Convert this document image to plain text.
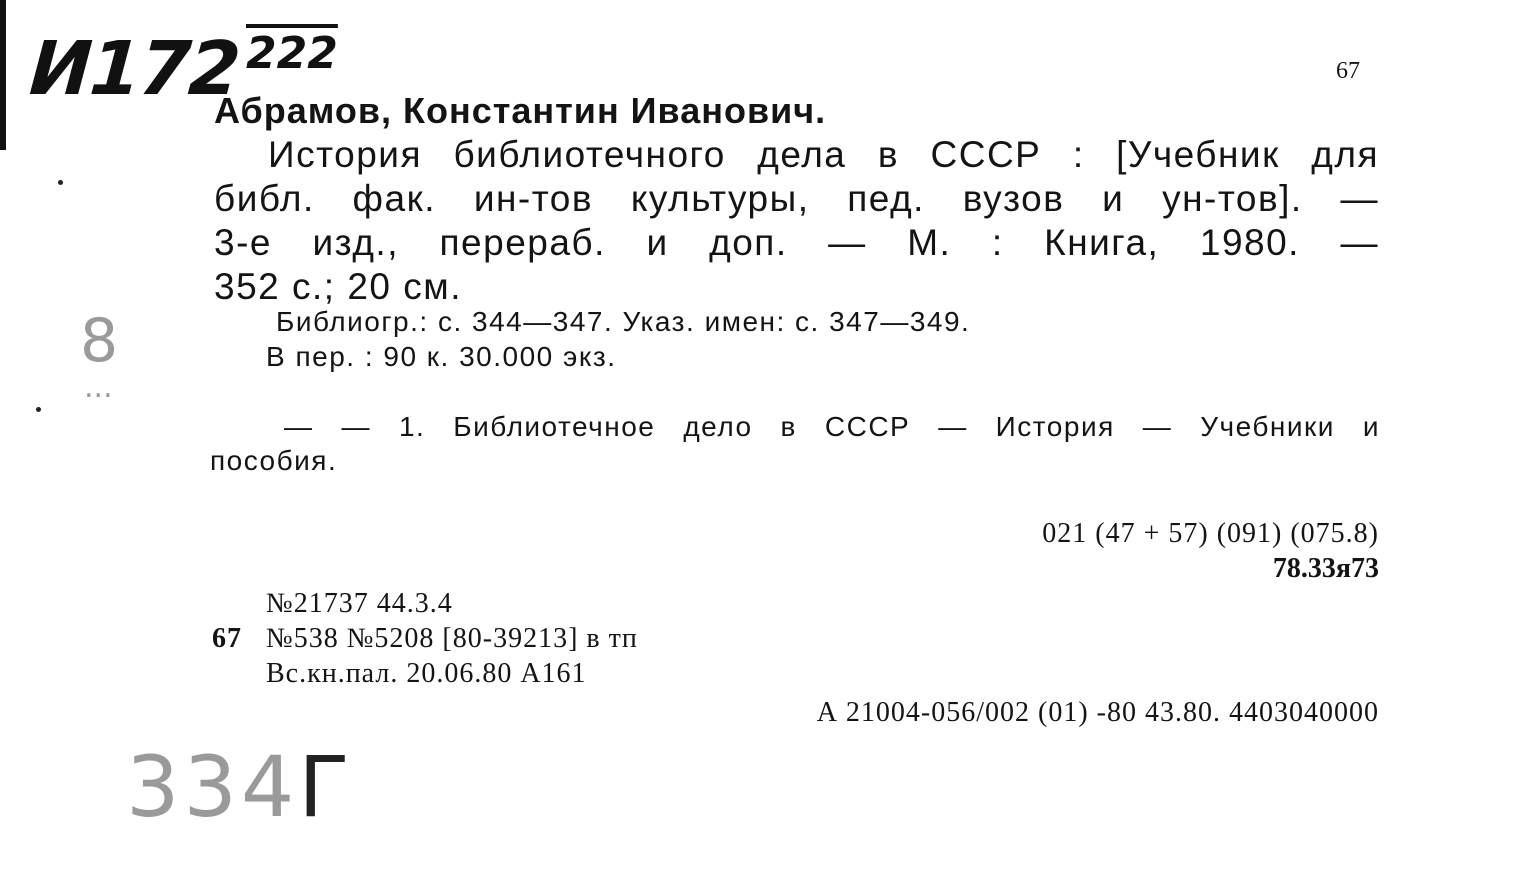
И172 222	67
Абрамов, Константин Иванович.
История библиотечного дела в СССР : [Учебник для
библ. фак. ин-тов культуры, пед. вузов и ун-тов]. —
3-е изд., перераб. и доп. — М. : Книга, 1980. —
352 с.; 20 см.
Библиогр.: с. 344—347. Указ. имен: с. 347—349.
В пер. : 90 к. 30.000 экз.
— — 1. Библиотечное дело в СССР — История — Учебники и
пособия.
021 (47 + 57) (091) (075.8)
78.33я73
№21737 44.3.4
67 №538 №5208 [80-39213] в тп
Вс.кн.пал. 20.06.80 А161
А 21004-056/002 (01) -80 43.80. 4403040000
334Г
8
...
